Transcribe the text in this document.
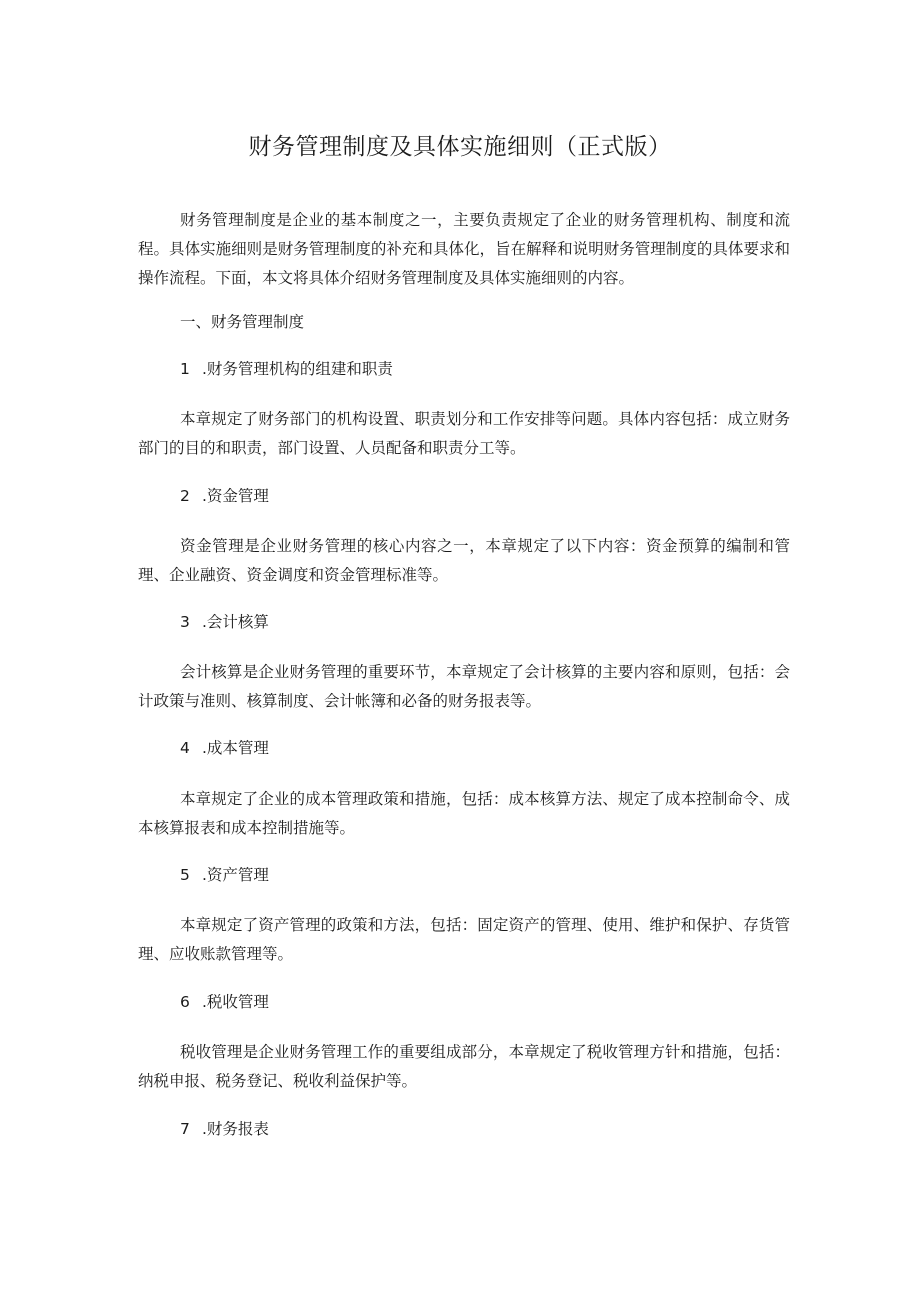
财务管理制度及具体实施细则（正式版）

财务管理制度是企业的基本制度之一，主要负责规定了企业的财务管理机构、制度和流程。具体实施细则是财务管理制度的补充和具体化，旨在解释和说明财务管理制度的具体要求和操作流程。下面，本文将具体介绍财务管理制度及具体实施细则的内容。

一、财务管理制度

1 .财务管理机构的组建和职责

本章规定了财务部门的机构设置、职责划分和工作安排等问题。具体内容包括：成立财务部门的目的和职责，部门设置、人员配备和职责分工等。

2 .资金管理

资金管理是企业财务管理的核心内容之一，本章规定了以下内容：资金预算的编制和管理、企业融资、资金调度和资金管理标准等。

3 .会计核算

会计核算是企业财务管理的重要环节，本章规定了会计核算的主要内容和原则，包括：会计政策与准则、核算制度、会计帐簿和必备的财务报表等。

4 .成本管理

本章规定了企业的成本管理政策和措施，包括：成本核算方法、规定了成本控制命令、成本核算报表和成本控制措施等。

5 .资产管理

本章规定了资产管理的政策和方法，包括：固定资产的管理、使用、维护和保护、存货管理、应收账款管理等。

6 .税收管理

税收管理是企业财务管理工作的重要组成部分，本章规定了税收管理方针和措施，包括：纳税申报、税务登记、税收利益保护等。

7 .财务报表
